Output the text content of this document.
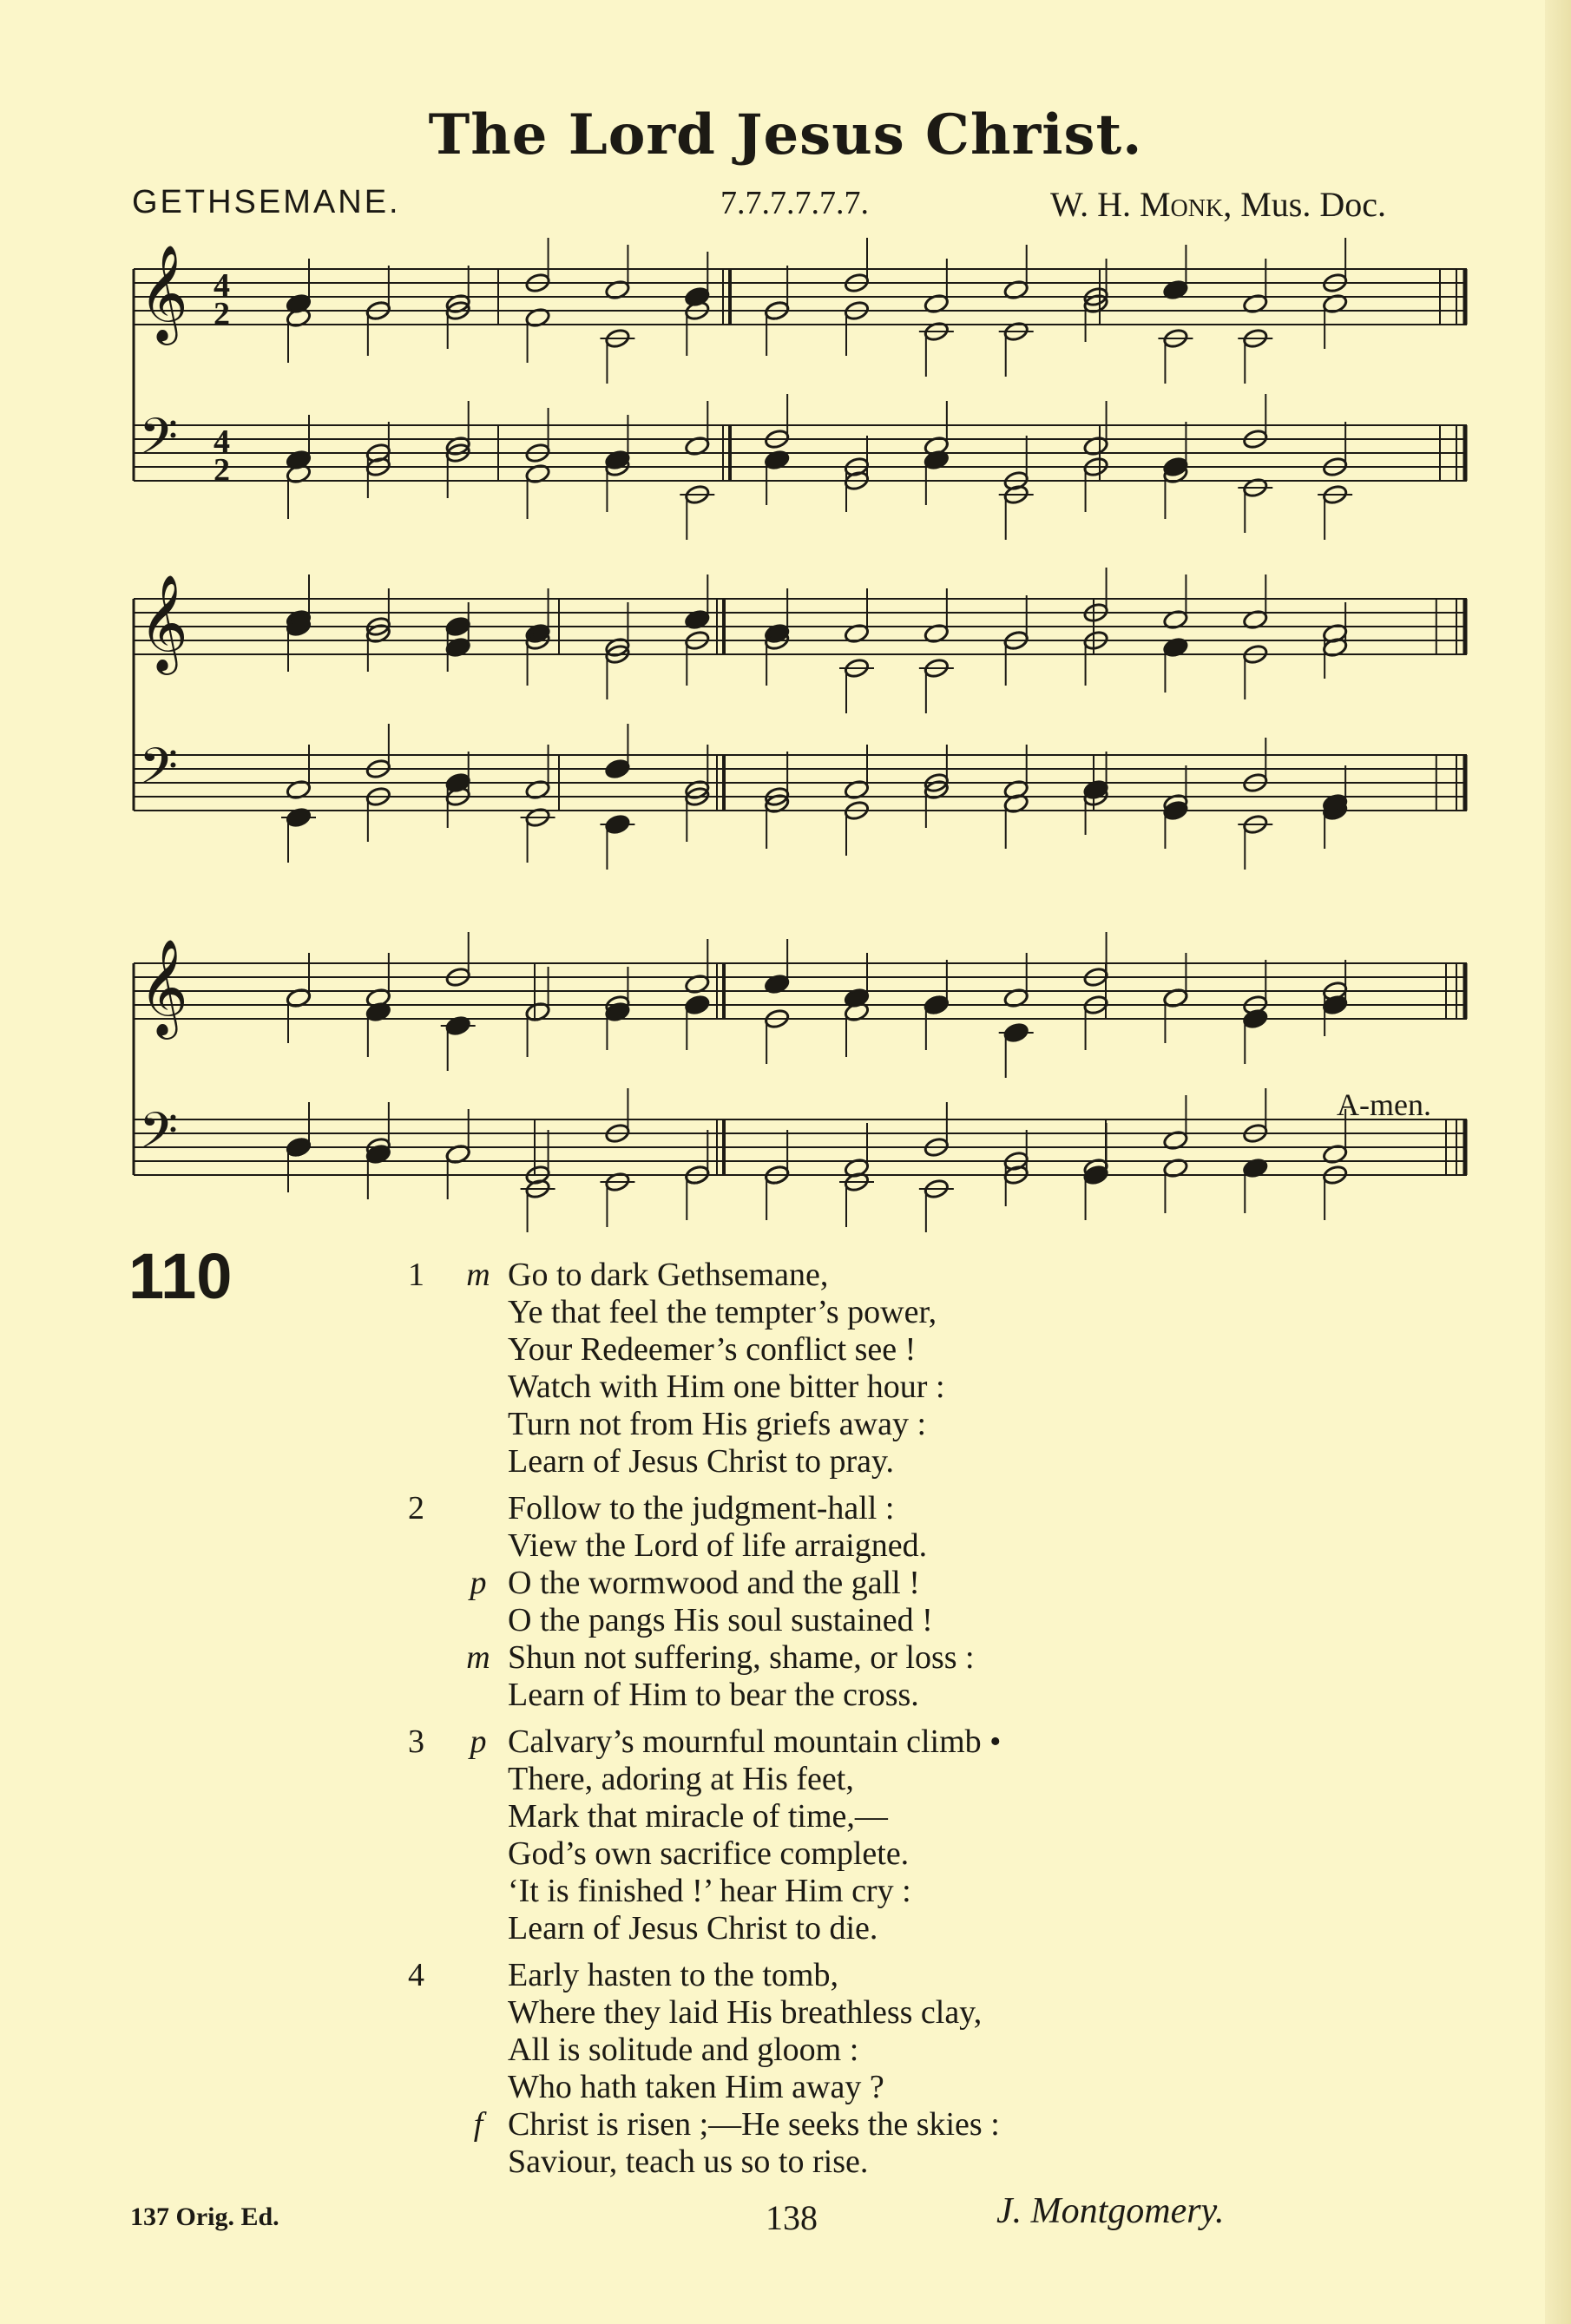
The Lord Jesus Christ.
GETHSEMANE.	7.7.7.7.7.7.	W. H. Monk, Mus. Doc.
𝄞 4
2
𝄢 4
2
𝄞
𝄢
𝄞
𝄢	A-men.
110	1 m Go to dark Gethsemane,
Ye that feel the tempter’s power,
Your Redeemer’s conflict see !
Watch with Him one bitter hour :
Turn not from His griefs away :
Learn of Jesus Christ to pray.
2	Follow to the judgment-hall :
View the Lord of life arraigned.
p O the wormwood and the gall !
O the pangs His soul sustained !
m Shun not suffering, shame, or loss :
Learn of Him to bear the cross.
3	p Calvary’s mournful mountain climb •
There, adoring at His feet,
Mark that miracle of time,—
God’s own sacrifice complete.
‘It is finished !’ hear Him cry :
Learn of Jesus Christ to die.
4	Early hasten to the tomb,
Where they laid His breathless clay,
All is solitude and gloom :
Who hath taken Him away ?
f Christ is risen ;—He seeks the skies :
Saviour, teach us so to rise.
137 Orig. Ed.	138	J. Montgomery.
